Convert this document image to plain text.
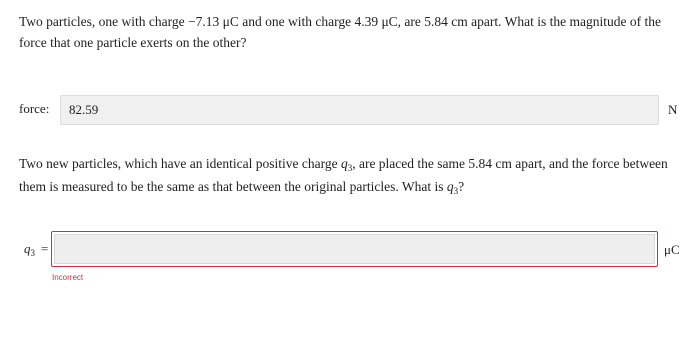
Two particles, one with charge −7.13 μC and one with charge 4.39 μC, are 5.84 cm apart. What is the magnitude of the force that one particle exerts on the other?
force:	82.59	N
Two new particles, which have an identical positive charge $q_3$, are placed the same 5.84 cm apart, and the force between them is measured to be the same as that between the original particles. What is $q_3$?
$q_3$ =	μC
Incorrect
